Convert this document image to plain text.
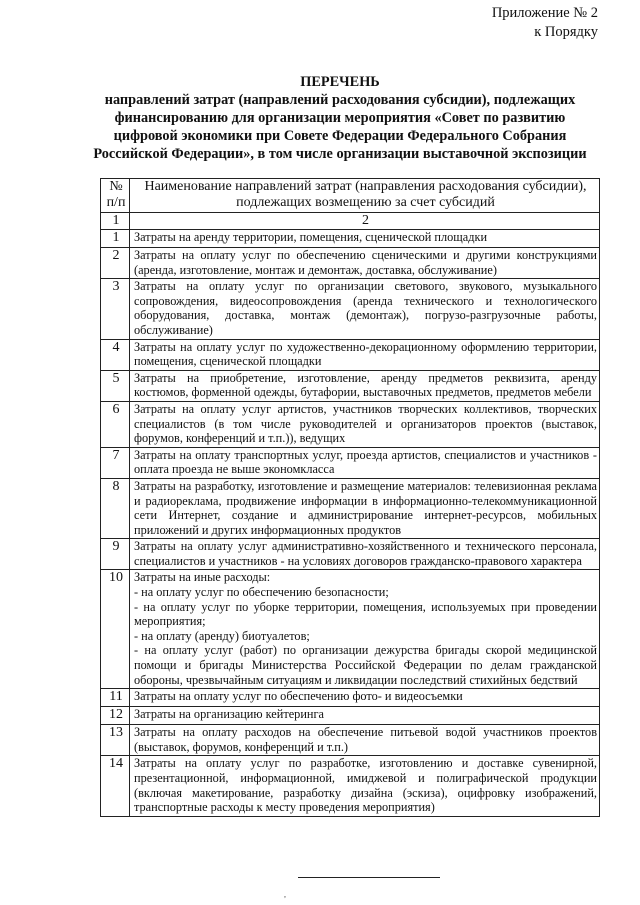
Приложение № 2
к Порядку
ПЕРЕЧЕНЬ
направлений затрат (направлений расходования субсидии), подлежащих финансированию для организации мероприятия «Совет по развитию цифровой экономики при Совете Федерации Федерального Собрания Российской Федерации», в том числе организации выставочной экспозиции
№ п/п	Наименование направлений затрат (направления расходования субсидии), подлежащих возмещению за счет субсидий
1	2
1	Затраты на аренду территории, помещения, сценической площадки
2	Затраты на оплату услуг по обеспечению сценическими и другими конструкциями (аренда, изготовление, монтаж и демонтаж, доставка, обслуживание)
3	Затраты на оплату услуг по организации светового, звукового, музыкального сопровождения, видеосопровождения (аренда технического и технологического оборудования, доставка, монтаж (демонтаж), погрузо-разгрузочные работы, обслуживание)
4	Затраты на оплату услуг по художественно-декорационному оформлению территории, помещения, сценической площадки
5	Затраты на приобретение, изготовление, аренду предметов реквизита, аренду костюмов, форменной одежды, бутафории, выставочных предметов, предметов мебели
6	Затраты на оплату услуг артистов, участников творческих коллективов, творческих специалистов (в том числе руководителей и организаторов проектов (выставок, форумов, конференций и т.п.)), ведущих
7	Затраты на оплату транспортных услуг, проезда артистов, специалистов и участников - оплата проезда не выше экономкласса
8	Затраты на разработку, изготовление и размещение материалов: телевизионная реклама и радиореклама, продвижение информации в информационно-телекоммуникационной сети Интернет, создание и администрирование интернет-ресурсов, мобильных приложений и других информационных продуктов
9	Затраты на оплату услуг административно-хозяйственного и технического персонала, специалистов и участников - на условиях договоров гражданско-правового характера
10	Затраты на иные расходы:
- на оплату услуг по обеспечению безопасности;
- на оплату услуг по уборке территории, помещения, используемых при проведении мероприятия;
- на оплату (аренду) биотуалетов;
- на оплату услуг (работ) по организации дежурства бригады скорой медицинской помощи и бригады Министерства Российской Федерации по делам гражданской обороны, чрезвычайным ситуациям и ликвидации последствий стихийных бедствий

11	Затраты на оплату услуг по обеспечению фото- и видеосъемки
12	Затраты на организацию кейтеринга
13	Затраты на оплату расходов на обеспечение питьевой водой участников проектов (выставок, форумов, конференций и т.п.)
14	Затраты на оплату услуг по разработке, изготовлению и доставке сувенирной, презентационной, информационной, имиджевой и полиграфической продукции (включая макетирование, разработку дизайна (эскиза), оцифровку изображений, транспортные расходы к месту проведения мероприятия)
,
